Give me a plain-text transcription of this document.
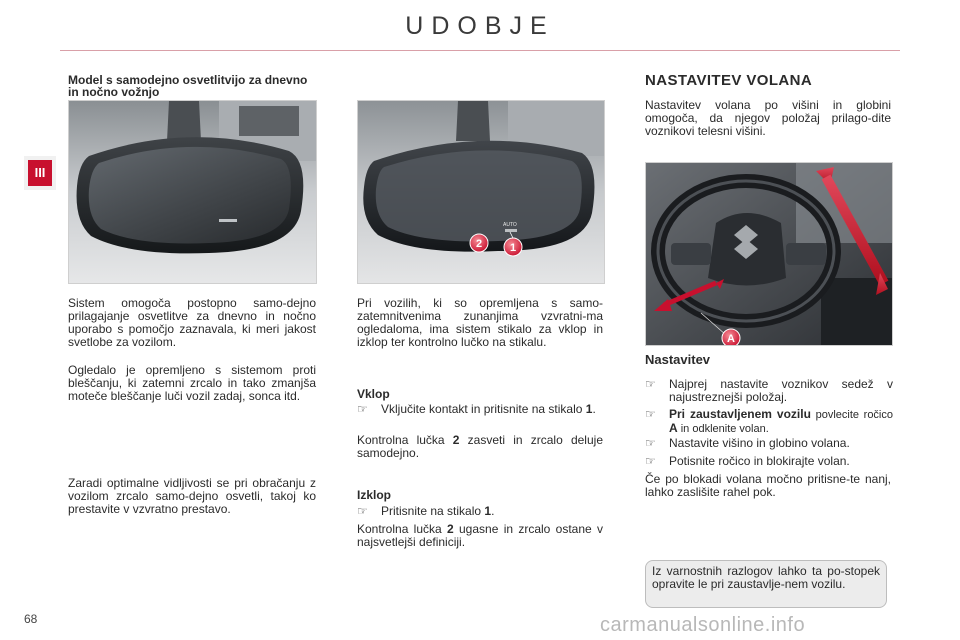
UDOBJE
III
68	carmanualsonline.info
Model s samodejno osvetlitvijo za dnevno in nočno vožnjo
Sistem omogoča postopno samo-dejno prilagajanje osvetlitve za dnevno in nočno uporabo s pomočjo zaznavala, ki meri jakost svetlobe za vozilom.
Ogledalo je opremljeno s sistemom proti bleščanju, ki zatemni zrcalo in tako zmanjša moteče bleščanje luči vozil zadaj, sonca itd.
Zaradi optimalne vidljivosti se pri obračanju z vozilom zrcalo samo-dejno osvetli, takoj ko prestavite v vzvratno prestavo.
AUTO
2	1
Pri vozilih, ki so opremljena s samo-zatemnitvenima zunanjima vzvratni-ma ogledaloma, ima sistem stikalo za vklop in izklop ter kontrolno lučko na stikalu.
Vklop
☞	Vključite kontakt in pritisnite na stikalo 1.
Kontrolna lučka 2 zasveti in zrcalo deluje samodejno.
Izklop
☞	Pritisnite na stikalo 1.
Kontrolna lučka 2 ugasne in zrcalo ostane v najsvetlejši definiciji.
NASTAVITEV VOLANA
Nastavitev volana po višini in globini omogoča, da njegov položaj prilago-dite voznikovi telesni višini.
A
Nastavitev
☞	Najprej nastavite voznikov sedež v najustreznejši položaj.
☞	Pri zaustavljenem vozilu povlecite ročico A in odklenite volan.
☞	Nastavite višino in globino volana.
☞	Potisnite ročico in blokirajte volan.
Če po blokadi volana močno pritisne-te nanj, lahko zaslišite rahel pok.
Iz varnostnih razlogov lahko ta po-stopek opravite le pri zaustavlje-nem vozilu.
